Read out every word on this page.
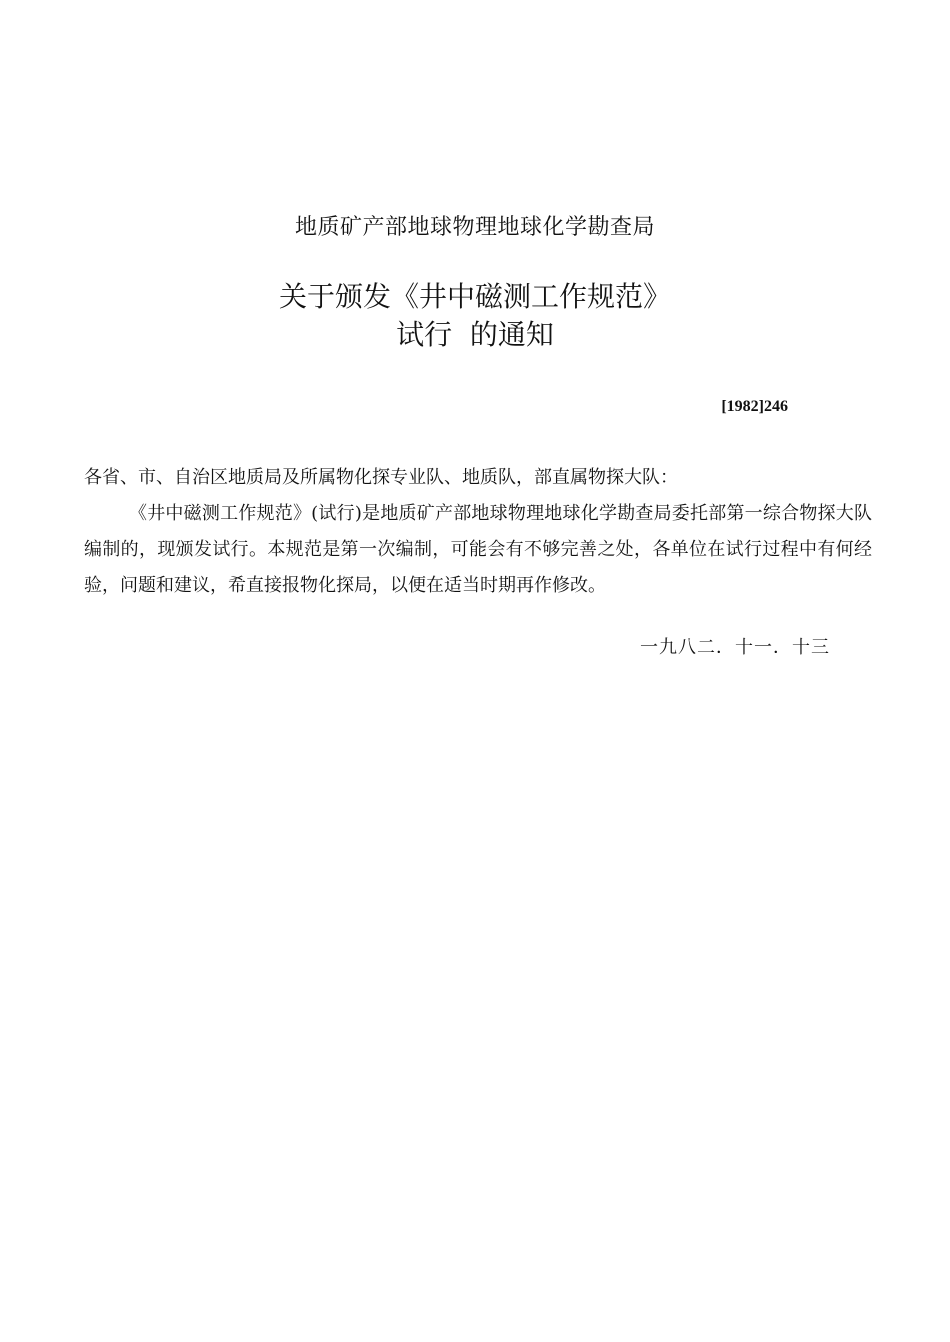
地质矿产部地球物理地球化学勘查局
关于颁发《井中磁测工作规范》
试行  的通知
[1982]246

各省、市、自治区地质局及所属物化探专业队、地质队，部直属物探大队：

《井中磁测工作规范》(试行)是地质矿产部地球物理地球化学勘查局委托部第一综合物探大队编制的，现颁发试行。本规范是第一次编制，可能会有不够完善之处，各单位在试行过程中有何经验，问题和建议，希直接报物化探局，以便在适当时期再作修改。

一九八二．十一．十三
